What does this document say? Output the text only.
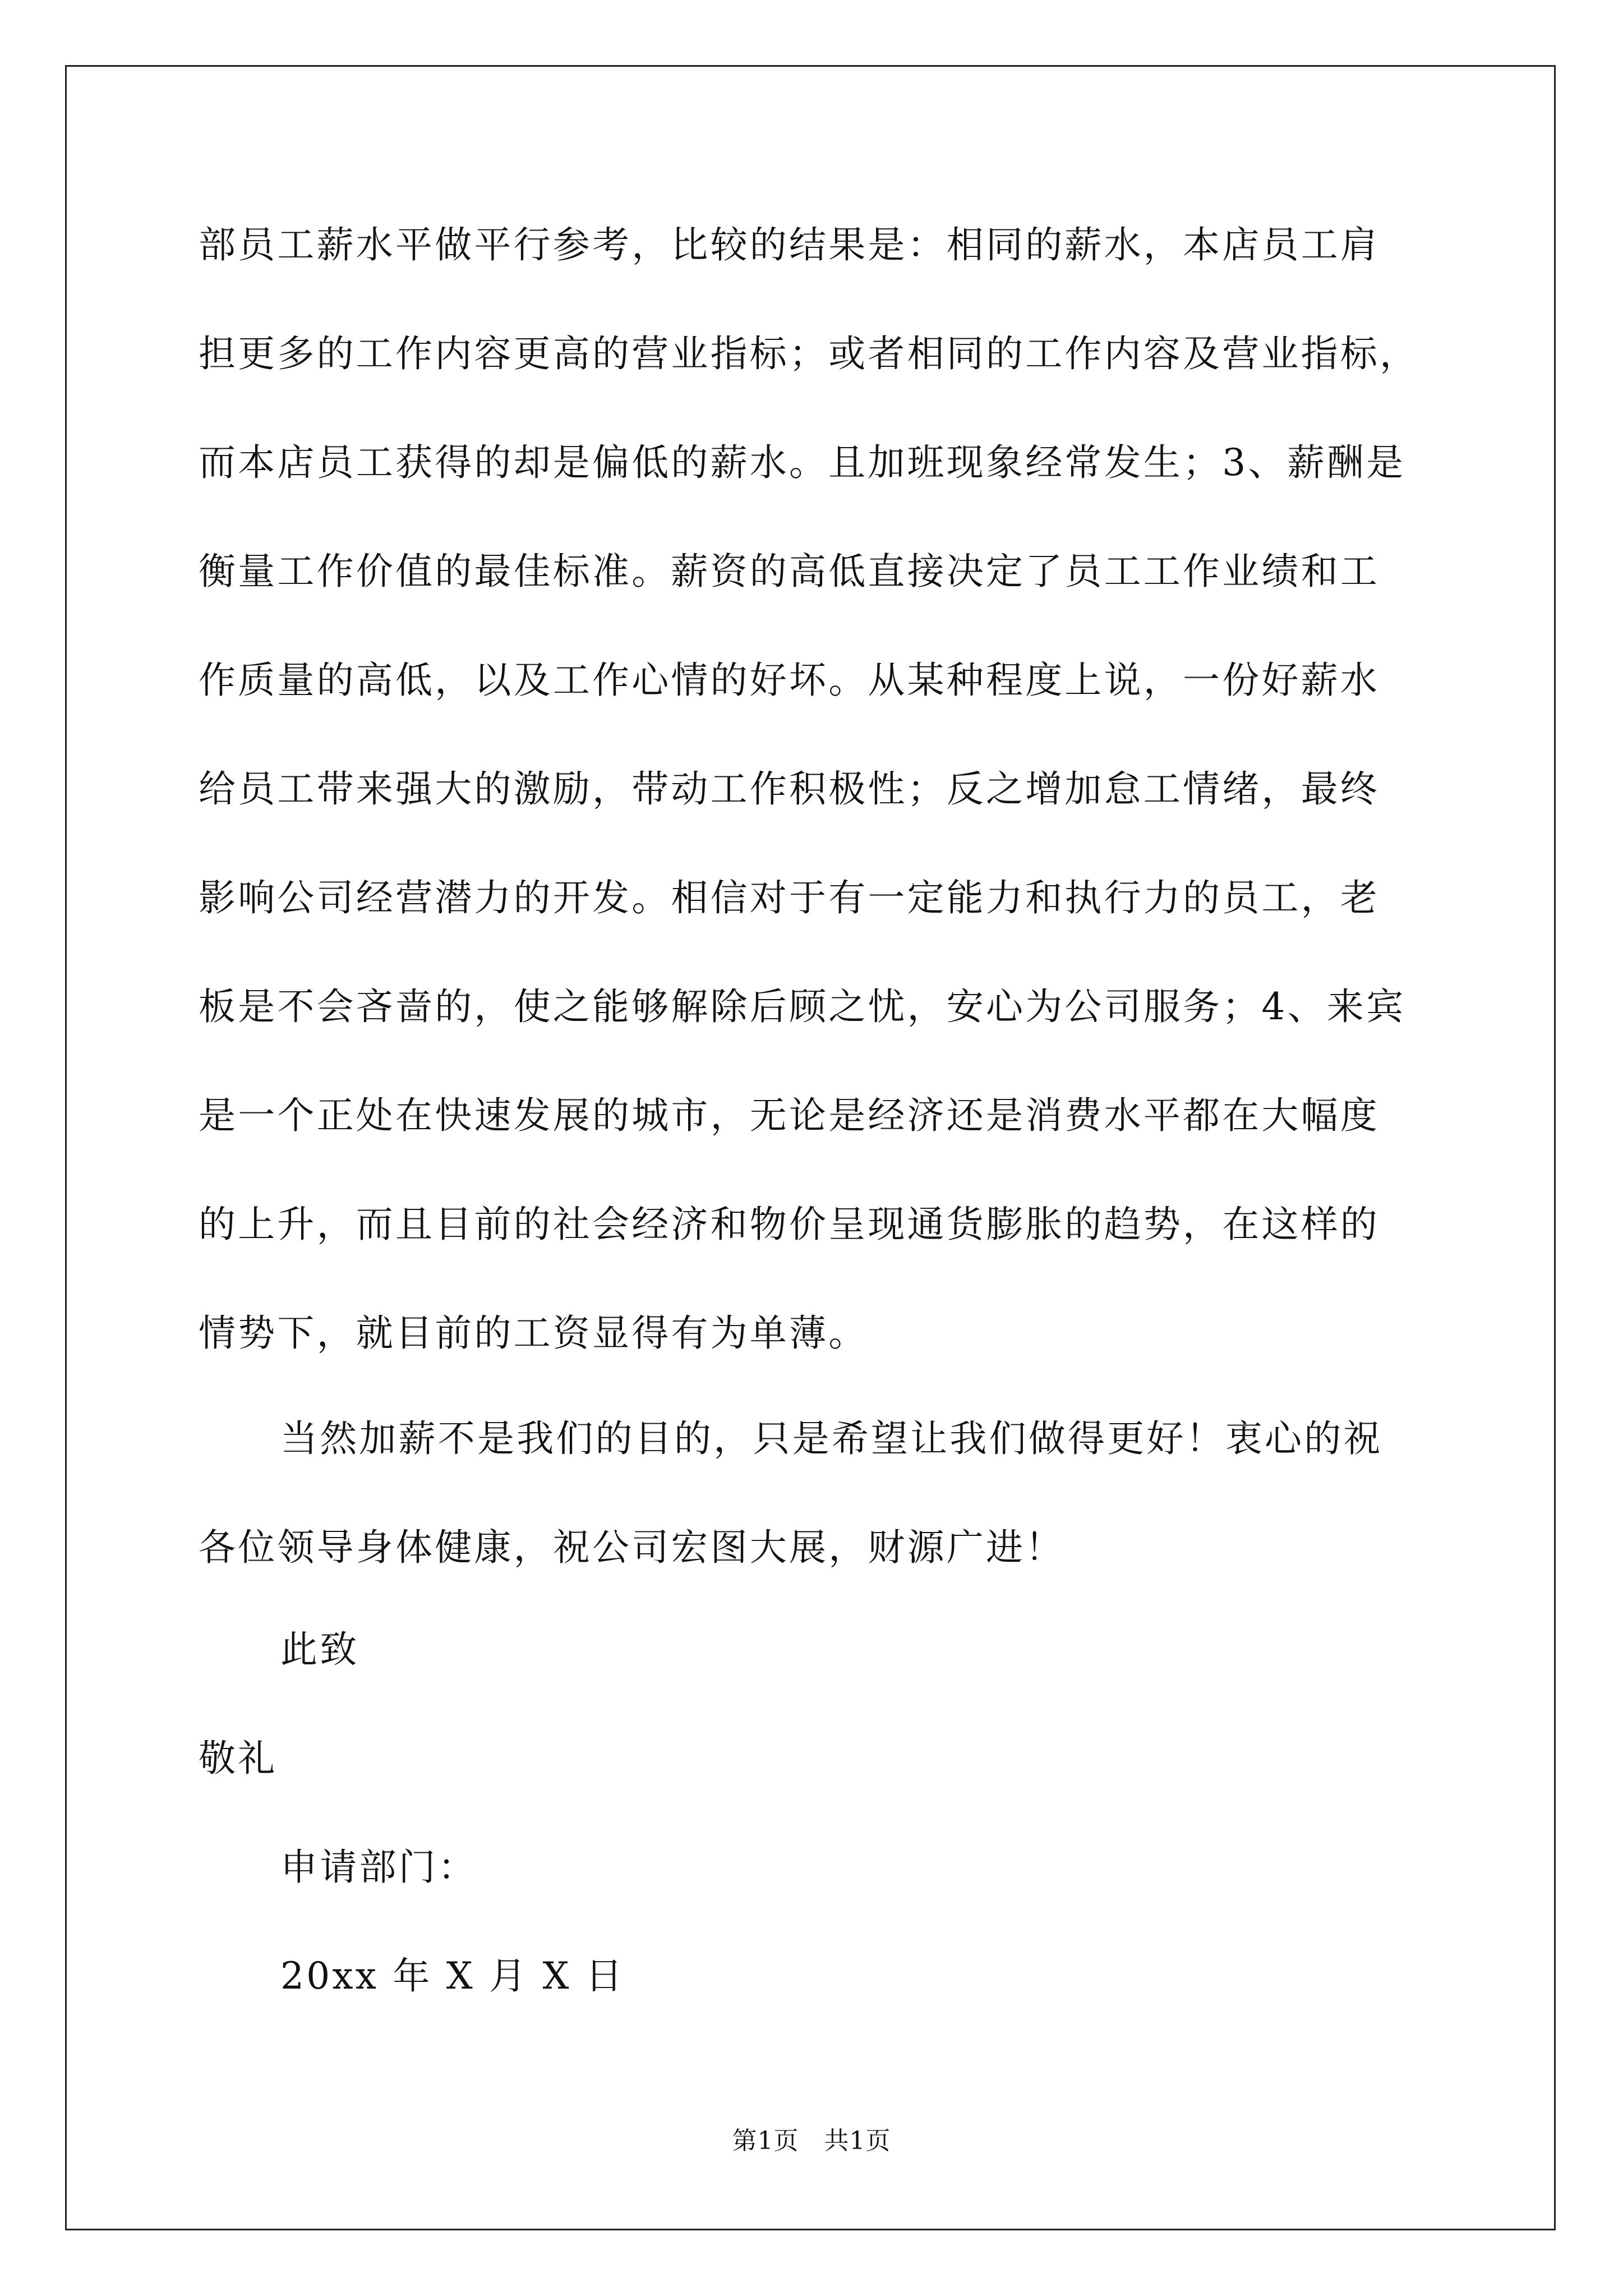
部员工薪水平做平行参考，比较的结果是：相同的薪水，本店员工肩
担更多的工作内容更高的营业指标；或者相同的工作内容及营业指标，
而本店员工获得的却是偏低的薪水。且加班现象经常发生；3、薪酬是
衡量工作价值的最佳标准。薪资的高低直接决定了员工工作业绩和工
作质量的高低，以及工作心情的好坏。从某种程度上说，一份好薪水
给员工带来强大的激励，带动工作积极性；反之增加怠工情绪，最终
影响公司经营潜力的开发。相信对于有一定能力和执行力的员工，老
板是不会吝啬的，使之能够解除后顾之忧，安心为公司服务；4、来宾
是一个正处在快速发展的城市，无论是经济还是消费水平都在大幅度
的上升，而且目前的社会经济和物价呈现通货膨胀的趋势，在这样的
情势下，就目前的工资显得有为单薄。
当然加薪不是我们的目的，只是希望让我们做得更好！衷心的祝
各位领导身体健康，祝公司宏图大展，财源广进！
此致
敬礼
申请部门：
20xx 年 X 月 X 日
第1页　共1页
